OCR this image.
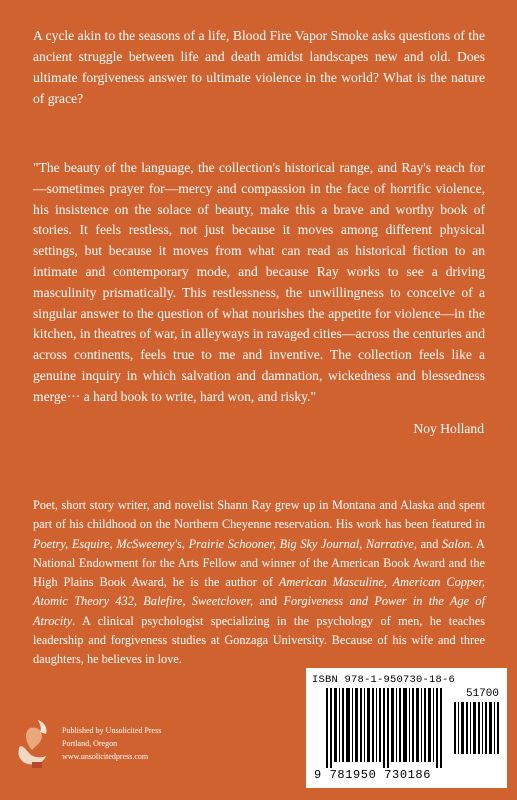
A cycle akin to the seasons of a life, Blood Fire Vapor Smoke asks questions of the ancient struggle between life and death amidst landscapes new and old. Does ultimate forgiveness answer to ultimate violence in the world? What is the nature of grace?
"The beauty of the language, the collection's historical range, and Ray's reach for—sometimes prayer for—mercy and compassion in the face of horrific violence, his insistence on the solace of beauty, make this a brave and worthy book of stories. It feels restless, not just because it moves among different physical settings, but because it moves from what can read as historical fiction to an intimate and contemporary mode, and because Ray works to see a driving masculinity prismatically. This restlessness, the unwillingness to conceive of a singular answer to the question of what nourishes the appetite for violence—in the kitchen, in theatres of war, in alleyways in ravaged cities—across the centuries and across continents, feels true to me and inventive. The collection feels like a genuine inquiry in which salvation and damnation, wickedness and blessedness merge··· a hard book to write, hard won, and risky."
Noy Holland
Poet, short story writer, and novelist Shann Ray grew up in Montana and Alaska and spent part of his childhood on the Northern Cheyenne reservation. His work has been featured in Poetry, Esquire, McSweeney's, Prairie Schooner, Big Sky Journal, Narrative, and Salon. A National Endowment for the Arts Fellow and winner of the American Book Award and the High Plains Book Award, he is the author of American Masculine, American Copper, Atomic Theory 432, Balefire, Sweetclover, and Forgiveness and Power in the Age of Atrocity. A clinical psychologist specializing in the psychology of men, he teaches leadership and forgiveness studies at Gonzaga University. Because of his wife and three daughters, he believes in love.
Published by Unsolicited Press
Portland, Oregon
www.unsolicitedpress.com
ISBN 978-1-950730-18-6
51700
9 781950 730186
